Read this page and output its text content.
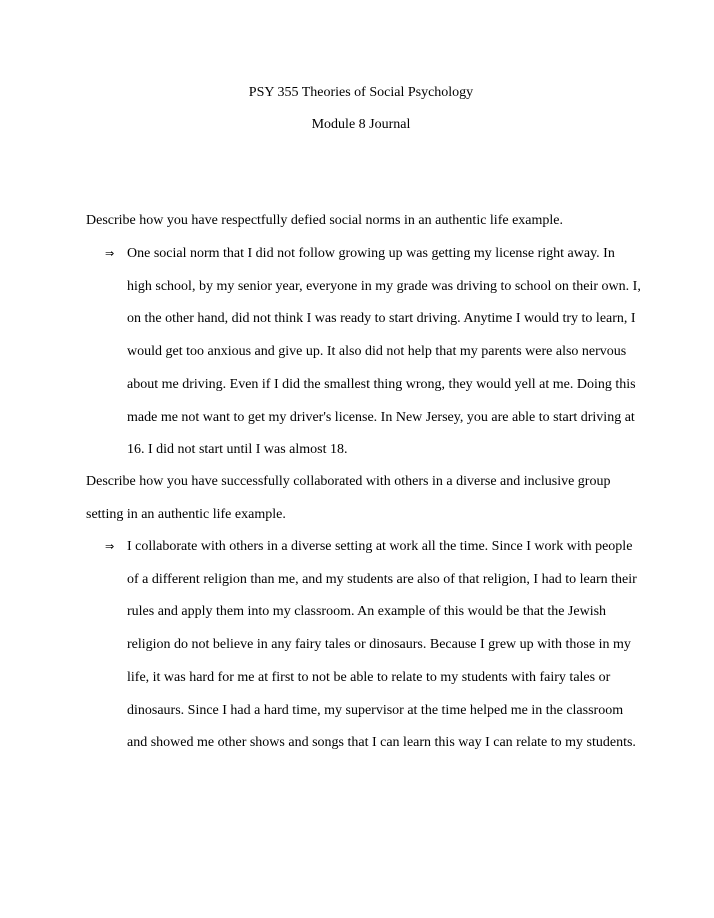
PSY 355 Theories of Social Psychology
Module 8 Journal
Describe how you have respectfully defied social norms in an authentic life example.
⇒ One social norm that I did not follow growing up was getting my license right away. In high school, by my senior year, everyone in my grade was driving to school on their own. I, on the other hand, did not think I was ready to start driving. Anytime I would try to learn, I would get too anxious and give up. It also did not help that my parents were also nervous about me driving. Even if I did the smallest thing wrong, they would yell at me. Doing this made me not want to get my driver's license. In New Jersey, you are able to start driving at 16. I did not start until I was almost 18.
Describe how you have successfully collaborated with others in a diverse and inclusive group setting in an authentic life example.
⇒ I collaborate with others in a diverse setting at work all the time. Since I work with people of a different religion than me, and my students are also of that religion, I had to learn their rules and apply them into my classroom. An example of this would be that the Jewish religion do not believe in any fairy tales or dinosaurs. Because I grew up with those in my life, it was hard for me at first to not be able to relate to my students with fairy tales or dinosaurs. Since I had a hard time, my supervisor at the time helped me in the classroom and showed me other shows and songs that I can learn this way I can relate to my students.
